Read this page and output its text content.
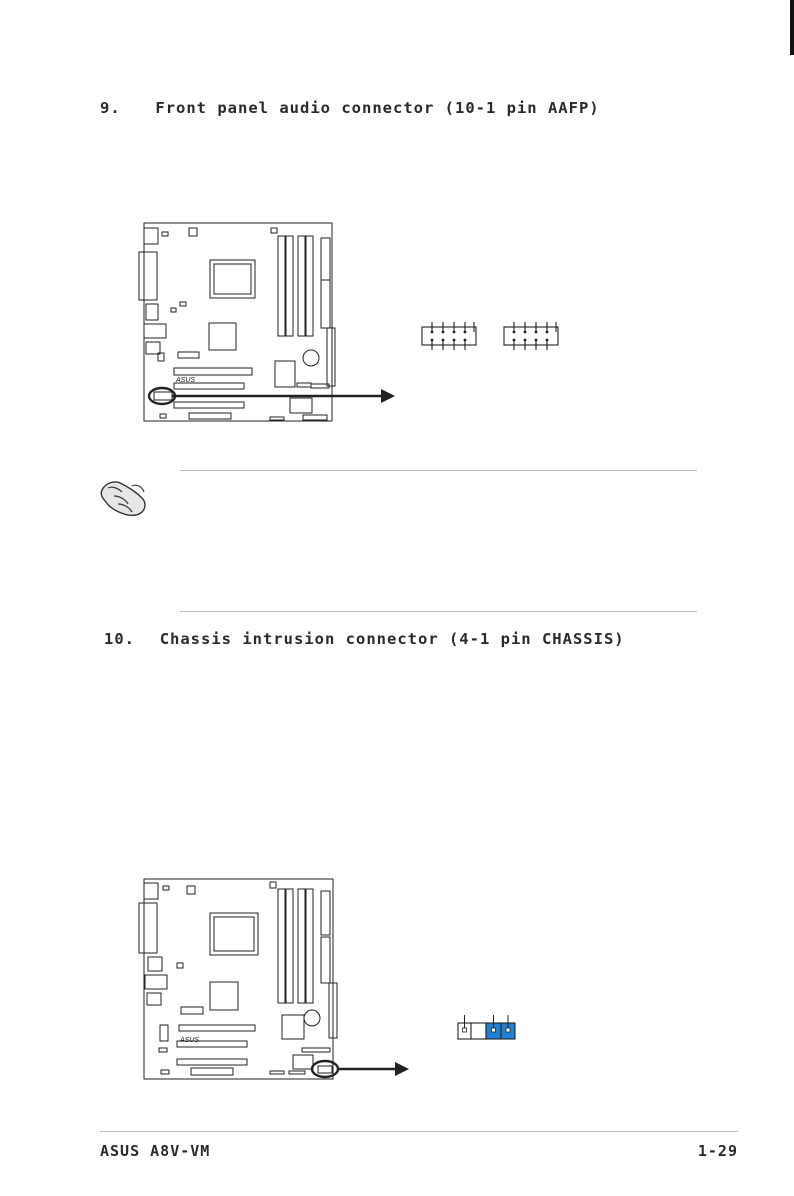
9. Front panel audio connector (10-1 pin AAFP)
ASUS
10. Chassis intrusion connector (4-1 pin CHASSIS)
ASUS
ASUS A8V-VM	1-29
